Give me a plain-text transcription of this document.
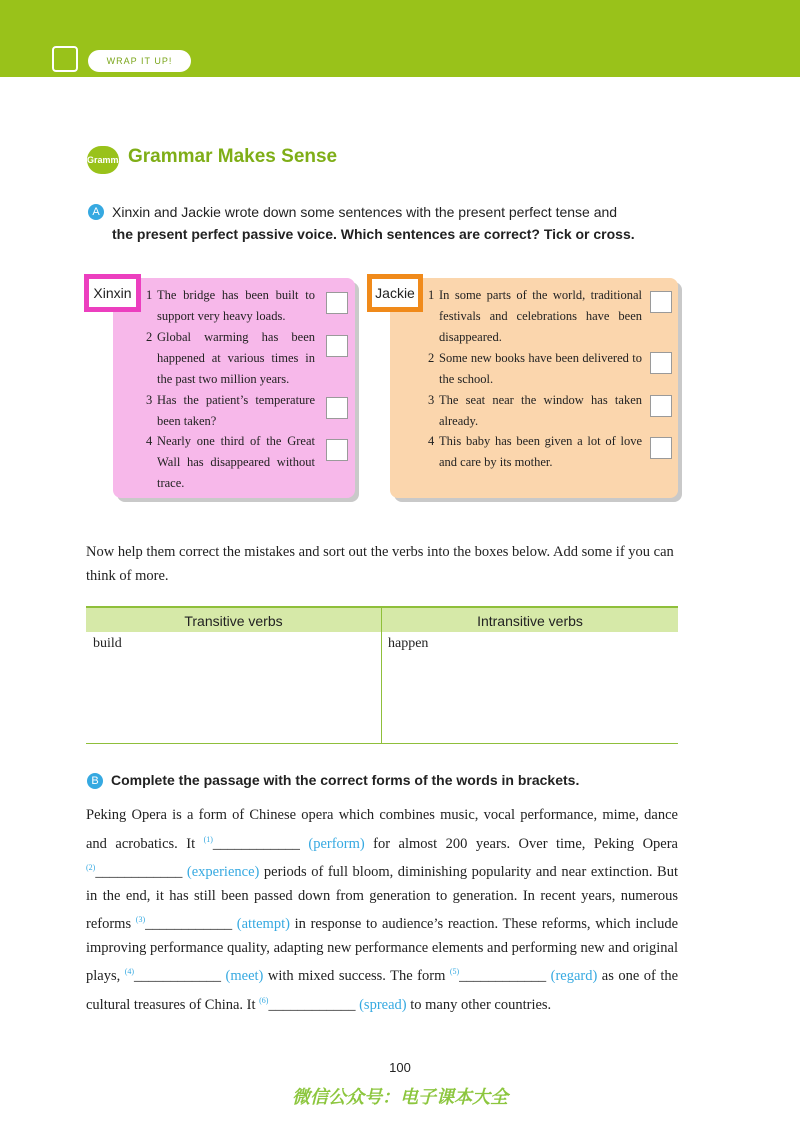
WRAP IT UP!
Grammar Grammar Makes Sense
A Xinxin and Jackie wrote down some sentences with the present perfect tense and
the present perfect passive voice. Which sentences are correct? Tick or cross.
Xinxin	1 The bridge has been built to support very heavy loads.
2 Global warming has been happened at various times in the past two million years.
3 Has the patient’s temperature been taken?
4 Nearly one third of the Great Wall has disappeared without trace.
Jackie	1 In some parts of the world, traditional festivals and celebrations have been disappeared.
2 Some new books have been delivered to the school.
3 The seat near the window has taken already.
4 This baby has been given a lot of love and care by its mother.
Now help them correct the mistakes and sort out the verbs into the boxes below. Add some if you can think of more.
Transitive verbs	Intransitive verbs
build	happen
B Complete the passage with the correct forms of the words in brackets.
Peking Opera is a form of Chinese opera which combines music, vocal performance, mime, dance and acrobatics. It $^{(1)}$____________ (perform) for almost 200 years. Over time, Peking Opera $^{(2)}$____________ (experience) periods of full bloom, diminishing popularity and near extinction. But in the end, it has still been passed down from generation to generation. In recent years, numerous reforms $^{(3)}$____________ (attempt) in response to audience’s reaction. These reforms, which include improving performance quality, adapting new performance elements and performing new and original plays, $^{(4)}$____________ (meet) with mixed success. The form $^{(5)}$____________ (regard) as one of the cultural treasures of China. It $^{(6)}$____________ (spread) to many other countries.
100
微信公众号：电子课本大全
